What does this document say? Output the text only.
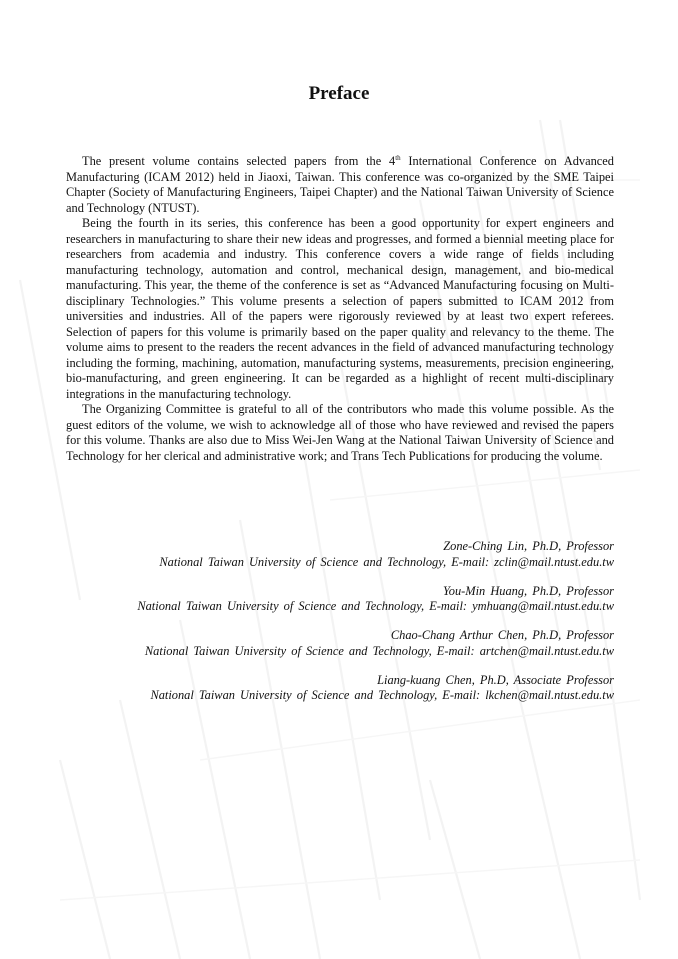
Preface

The present volume contains selected papers from the 4th International Conference on Advanced Manufacturing (ICAM 2012) held in Jiaoxi, Taiwan. This conference was co-organized by the SME Taipei Chapter (Society of Manufacturing Engineers, Taipei Chapter) and the National Taiwan University of Science and Technology (NTUST).

Being the fourth in its series, this conference has been a good opportunity for expert engineers and researchers in manufacturing to share their new ideas and progresses, and formed a biennial meeting place for researchers from academia and industry. This conference covers a wide range of fields including manufacturing technology, automation and control, mechanical design, management, and bio-medical manufacturing. This year, the theme of the conference is set as “Advanced Manufacturing focusing on Multi-disciplinary Technologies.” This volume presents a selection of papers submitted to ICAM 2012 from universities and industries. All of the papers were rigorously reviewed by at least two expert referees. Selection of papers for this volume is primarily based on the paper quality and relevancy to the theme. The volume aims to present to the readers the recent advances in the field of advanced manufacturing technology including the forming, machining, automation, manufacturing systems, measurements, precision engineering, bio-manufacturing, and green engineering. It can be regarded as a highlight of recent multi-disciplinary integrations in the manufacturing technology.

The Organizing Committee is grateful to all of the contributors who made this volume possible. As the guest editors of the volume, we wish to acknowledge all of those who have reviewed and revised the papers for this volume. Thanks are also due to Miss Wei-Jen Wang at the National Taiwan University of Science and Technology for her clerical and administrative work; and Trans Tech Publications for producing the volume.

Zone-Ching Lin, Ph.D, Professor
National Taiwan University of Science and Technology, E-mail: zclin@mail.ntust.edu.tw
You-Min Huang, Ph.D, Professor
National Taiwan University of Science and Technology, E-mail: ymhuang@mail.ntust.edu.tw
Chao-Chang Arthur Chen, Ph.D, Professor
National Taiwan University of Science and Technology, E-mail: artchen@mail.ntust.edu.tw
Liang-kuang Chen, Ph.D, Associate Professor
National Taiwan University of Science and Technology, E-mail: lkchen@mail.ntust.edu.tw
